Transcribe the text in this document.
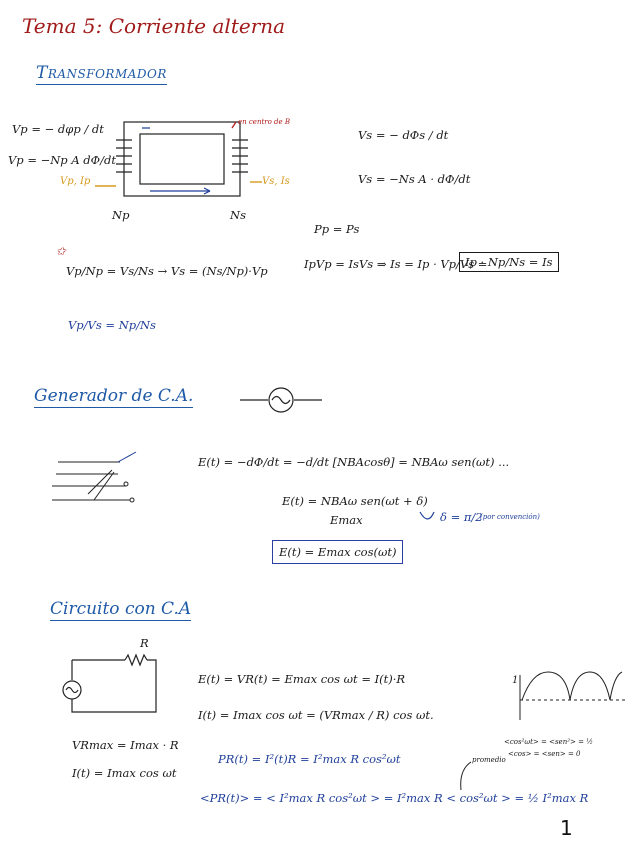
Tema 5: Corriente alterna
Transformador
Vp = − dφp / dt
Vp = −Np A dΦ/dt
en centro de B
Vp, Ip	Vs, Is
Np	Ns
Vs = − dΦs / dt
Vs = −Ns A · dΦ/dt
Pp = Ps
IpVp = IsVs ⇒ Is = Ip · Vp/Vs =
Ip · Np/Ns = Is
✩
Vp/Np = Vs/Ns → Vs = (Ns/Np)·Vp
Vp/Vs = Np/Ns
Generador de C.A.
E(t) = −dΦ/dt = −d/dt [NBAcosθ] = NBAω sen(ωt) ...
E(t) = NBAω sen(ωt + δ)
Emax	δ = π/2
(por convención)
E(t) = Emax cos(ωt)
Circuito con C.A
R
E(t) = VR(t) = Emax cos ωt = I(t)·R
I(t) = Imax cos ωt = (VRmax / R) cos ωt.
VRmax = Imax · R
I(t) = Imax cos ωt
PR(t) = I²(t)R = I²max R cos²ωt	promedio
<PR(t)> = < I²max R cos²ωt > = I²max R < cos²ωt > = ½ I²max R
1
<cos²ωt> = <sen²> = ½
<cos> = <sen> = 0
1
